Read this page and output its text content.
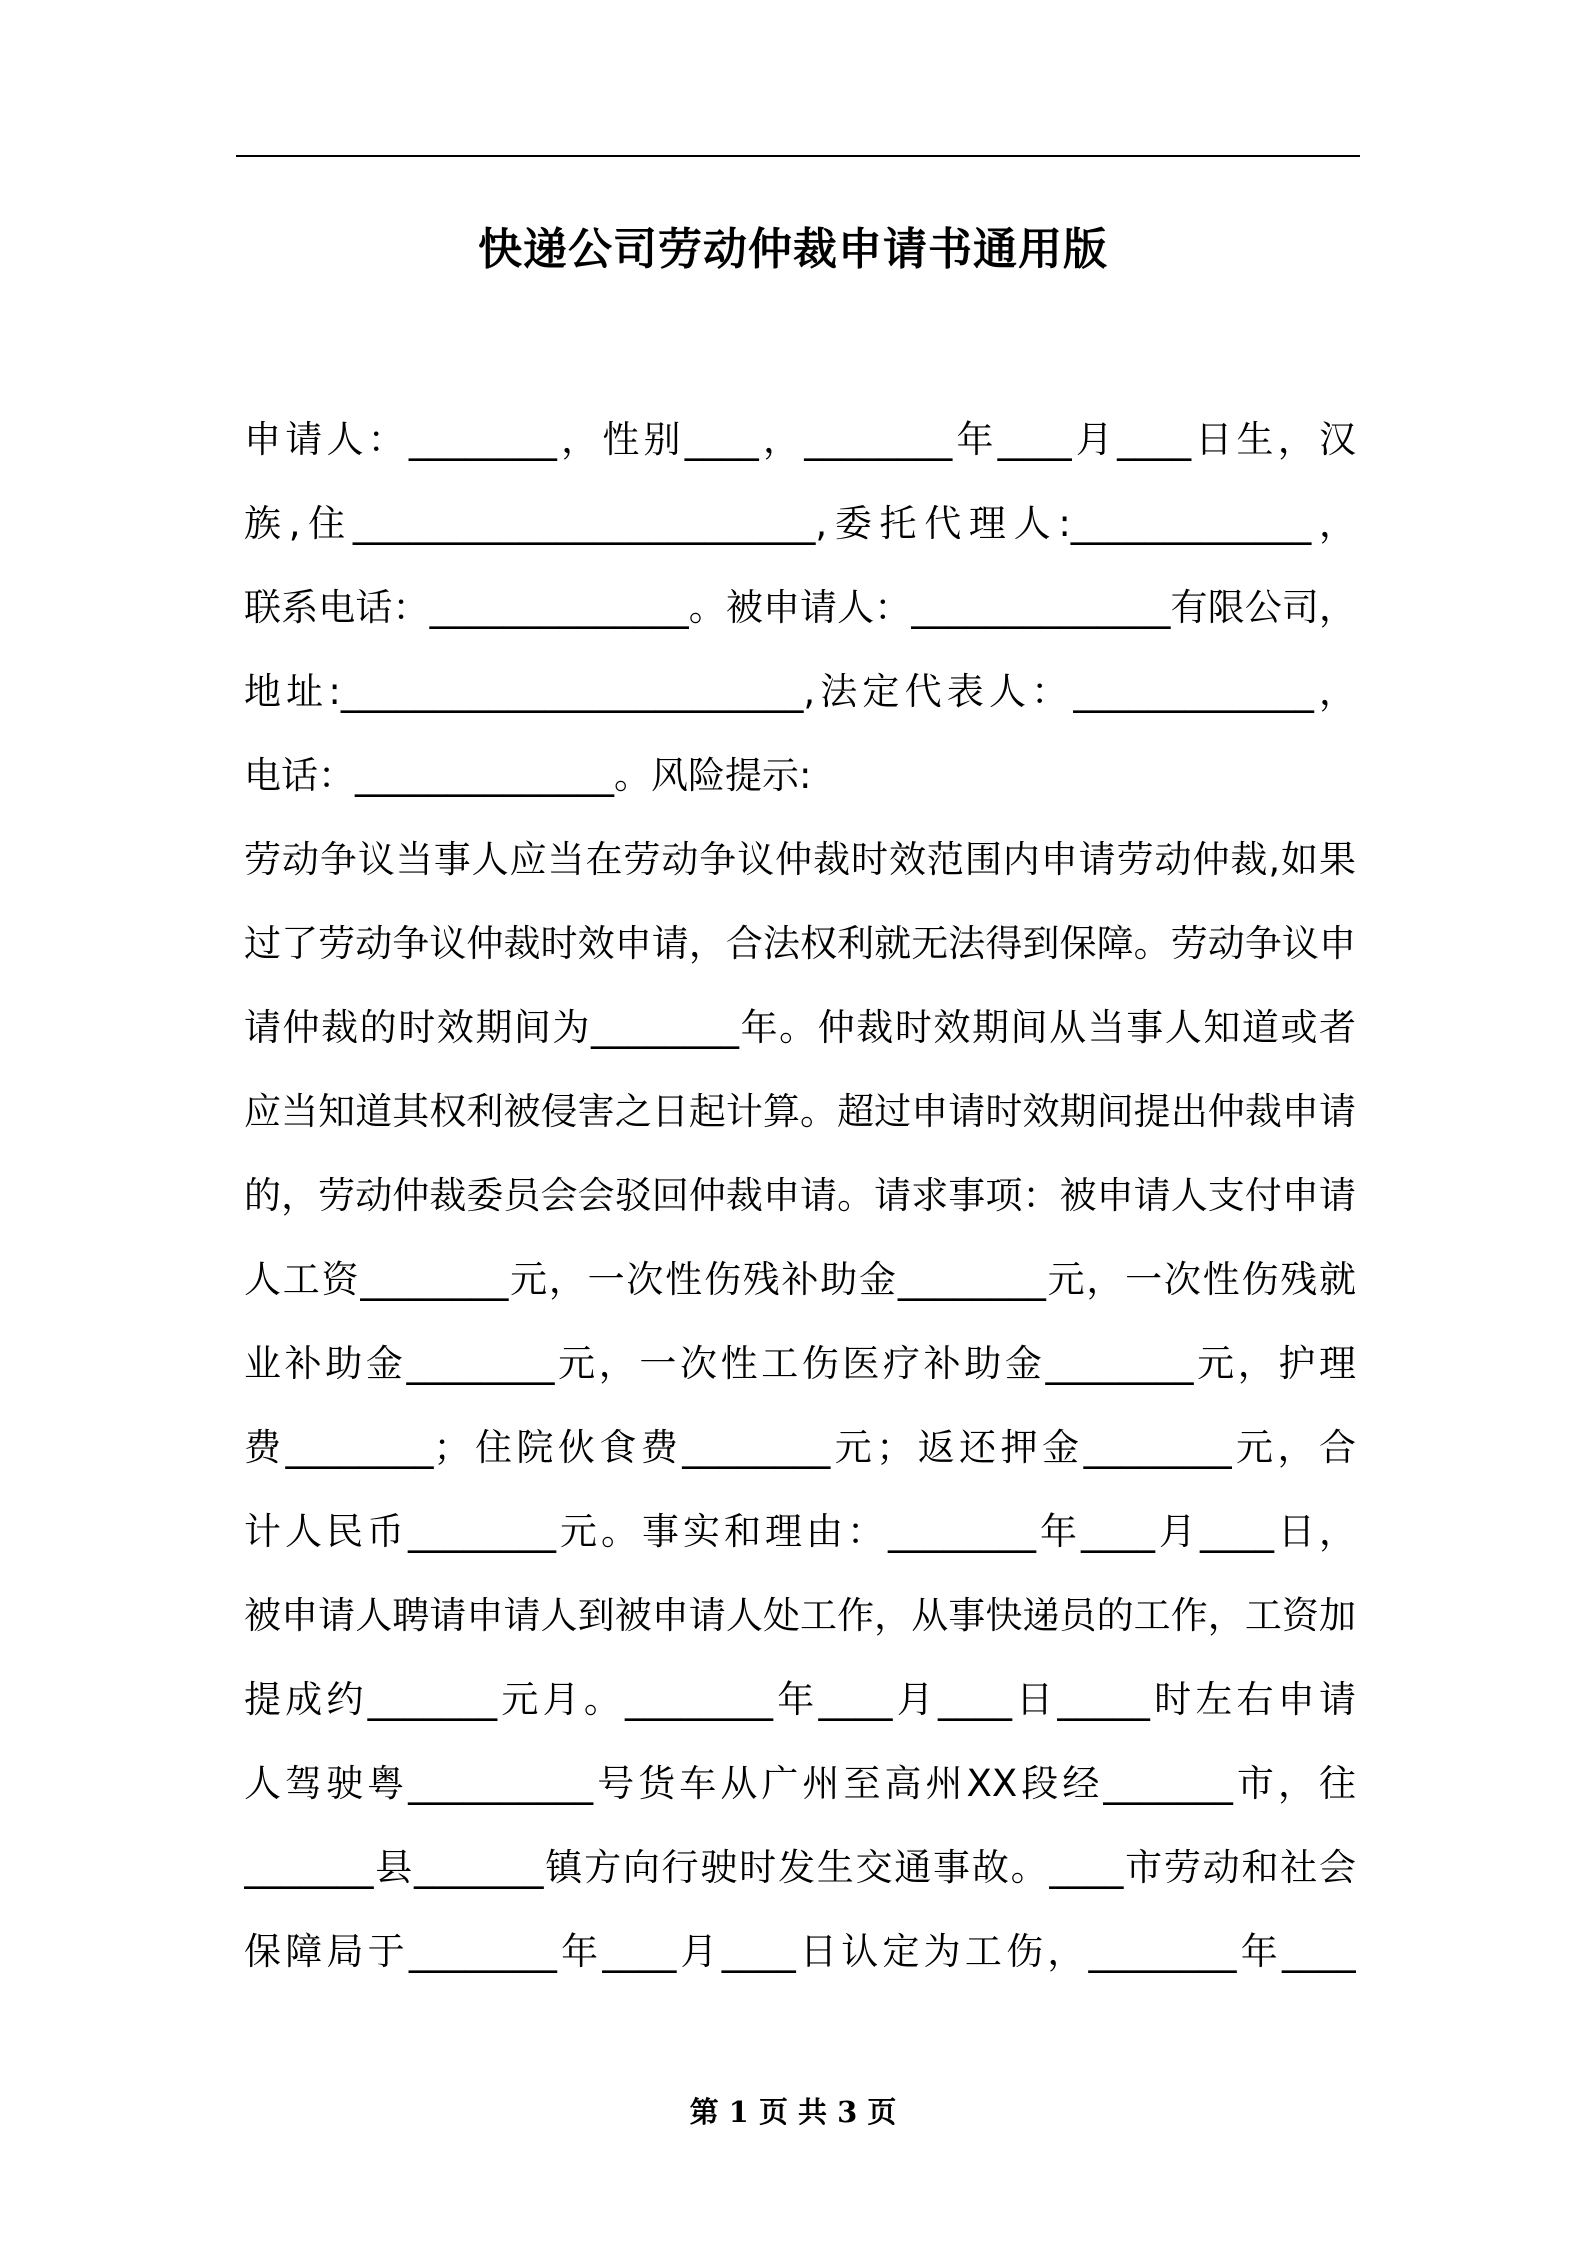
快递公司劳动仲裁申请书通用版
申请人：________，性别____，________年____月____日生，汉
族,住_________________________,委托代理人:_____________，
联系电话：______________。被申请人：______________有限公司，
地址:_________________________,法定代表人：_____________，
电话：______________。风险提示:
劳动争议当事人应当在劳动争议仲裁时效范围内申请劳动仲裁,如果
过了劳动争议仲裁时效申请，合法权利就无法得到保障。劳动争议申
请仲裁的时效期间为________年。仲裁时效期间从当事人知道或者
应当知道其权利被侵害之日起计算。超过申请时效期间提出仲裁申请
的，劳动仲裁委员会会驳回仲裁申请。请求事项：被申请人支付申请
人工资________元，一次性伤残补助金________元，一次性伤残就
业补助金________元，一次性工伤医疗补助金________元，护理
费________；住院伙食费________元；返还押金________元，合
计人民币________元。事实和理由：________年____月____日，
被申请人聘请申请人到被申请人处工作，从事快递员的工作，工资加
提成约_______元月。________年____月____日_____时左右申请
人驾驶粤__________号货车从广州至高州XX段经_______市，往
_______县_______镇方向行驶时发生交通事故。____市劳动和社会
保障局于________年____月____日认定为工伤，________年____
第 1 页 共 3 页
